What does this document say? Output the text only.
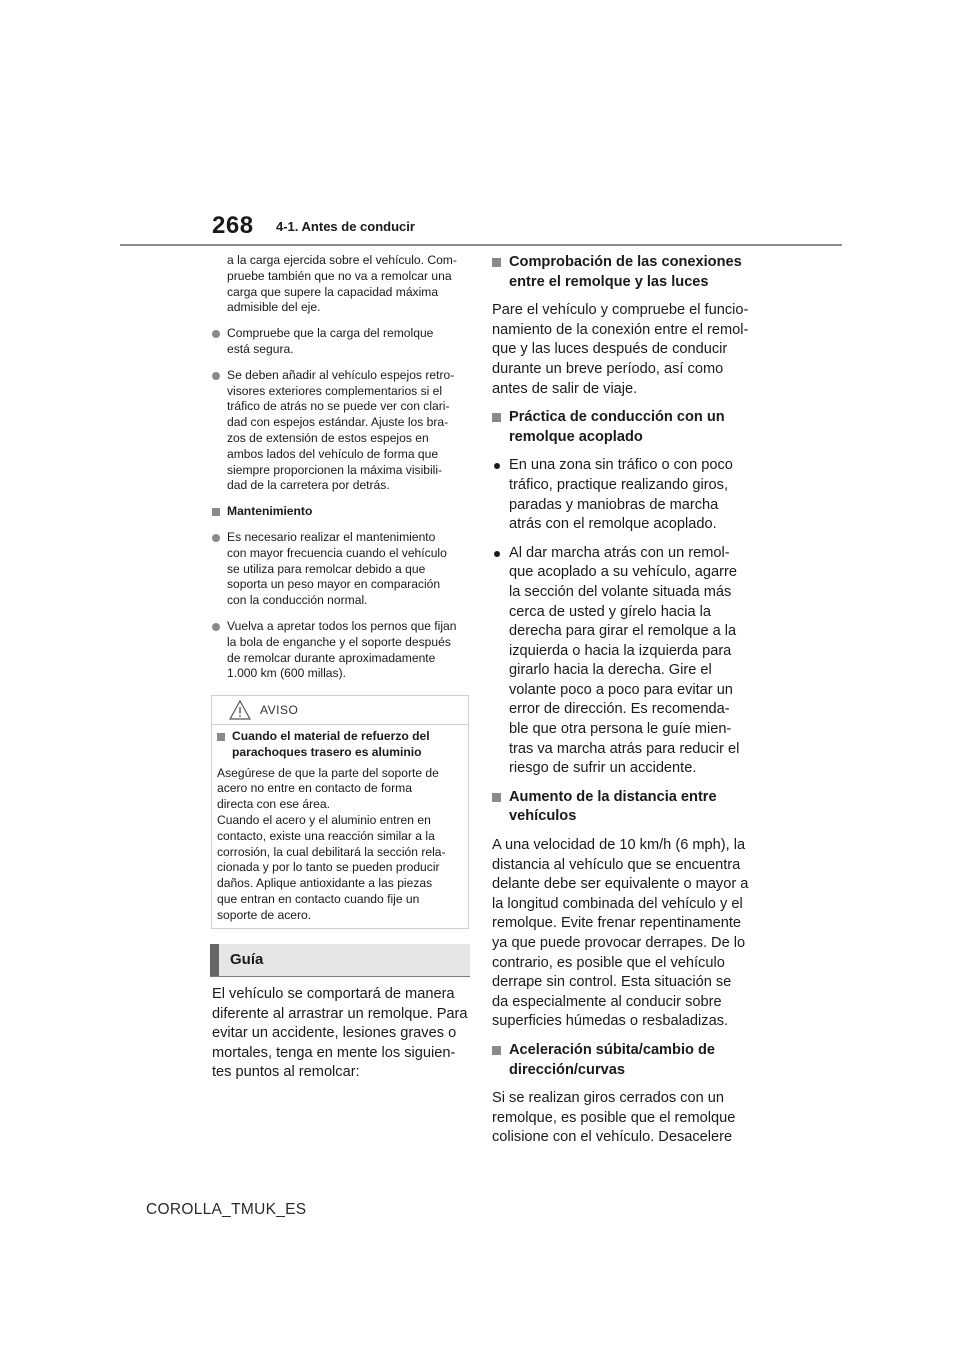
268 4-1. Antes de conducir
a la carga ejercida sobre el vehículo. Com-
pruebe también que no va a remolcar una
carga que supere la capacidad máxima
admisible del eje.
Compruebe que la carga del remolque
está segura.
Se deben añadir al vehículo espejos retro-
visores exteriores complementarios si el
tráfico de atrás no se puede ver con clari-
dad con espejos estándar. Ajuste los bra-
zos de extensión de estos espejos en
ambos lados del vehículo de forma que
siempre proporcionen la máxima visibili-
dad de la carretera por detrás.
Mantenimiento
Es necesario realizar el mantenimiento
con mayor frecuencia cuando el vehículo
se utiliza para remolcar debido a que
soporta un peso mayor en comparación
con la conducción normal.
Vuelva a apretar todos los pernos que fijan
la bola de enganche y el soporte después
de remolcar durante aproximadamente
1.000 km (600 millas).
AVISO
Cuando el material de refuerzo del
parachoques trasero es aluminio
Asegúrese de que la parte del soporte de
acero no entre en contacto de forma
directa con ese área.
Cuando el acero y el aluminio entren en
contacto, existe una reacción similar a la
corrosión, la cual debilitará la sección rela-
cionada y por lo tanto se pueden producir
daños. Aplique antioxidante a las piezas
que entran en contacto cuando fije un
soporte de acero.
Guía
El vehículo se comportará de manera
diferente al arrastrar un remolque. Para
evitar un accidente, lesiones graves o
mortales, tenga en mente los siguien-
tes puntos al remolcar:
Comprobación de las conexiones
entre el remolque y las luces
Pare el vehículo y compruebe el funcio-
namiento de la conexión entre el remol-
que y las luces después de conducir
durante un breve período, así como
antes de salir de viaje.
Práctica de conducción con un
remolque acoplado
En una zona sin tráfico o con poco
tráfico, practique realizando giros,
paradas y maniobras de marcha
atrás con el remolque acoplado.
Al dar marcha atrás con un remol-
que acoplado a su vehículo, agarre
la sección del volante situada más
cerca de usted y gírelo hacia la
derecha para girar el remolque a la
izquierda o hacia la izquierda para
girarlo hacia la derecha. Gire el
volante poco a poco para evitar un
error de dirección. Es recomenda-
ble que otra persona le guíe mien-
tras va marcha atrás para reducir el
riesgo de sufrir un accidente.
Aumento de la distancia entre
vehículos
A una velocidad de 10 km/h (6 mph), la
distancia al vehículo que se encuentra
delante debe ser equivalente o mayor a
la longitud combinada del vehículo y el
remolque. Evite frenar repentinamente
ya que puede provocar derrapes. De lo
contrario, es posible que el vehículo
derrape sin control. Esta situación se
da especialmente al conducir sobre
superficies húmedas o resbaladizas.
Aceleración súbita/cambio de
dirección/curvas
Si se realizan giros cerrados con un
remolque, es posible que el remolque
colisione con el vehículo. Desacelere
COROLLA_TMUK_ES
